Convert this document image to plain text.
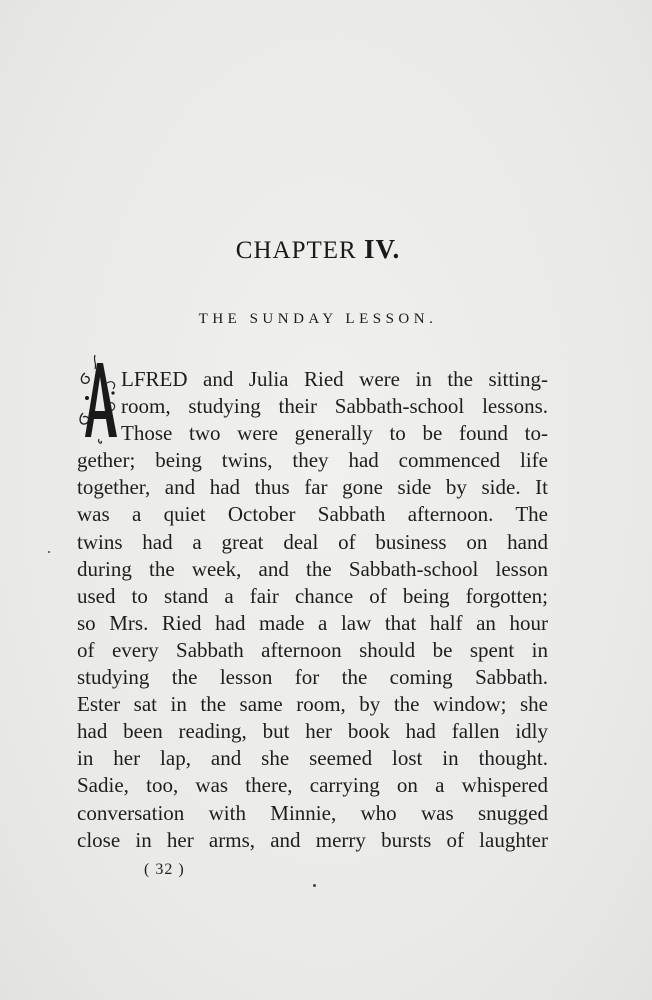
CHAPTER IV.
THE SUNDAY LESSON.
LFRED and Julia Ried were in the sitting-
room, studying their Sabbath-school lessons.
Those two were generally to be found to-
gether; being twins, they had commenced life
together, and had thus far gone side by side. It
was a quiet October Sabbath afternoon. The
twins had a great deal of business on hand
during the week, and the Sabbath-school lesson
used to stand a fair chance of being forgotten;
so Mrs. Ried had made a law that half an hour
of every Sabbath afternoon should be spent in
studying the lesson for the coming Sabbath.
Ester sat in the same room, by the window; she
had been reading, but her book had fallen idly
in her lap, and she seemed lost in thought.
Sadie, too, was there, carrying on a whispered
conversation with Minnie, who was snugged
close in her arms, and merry bursts of laughter
( 32 )
